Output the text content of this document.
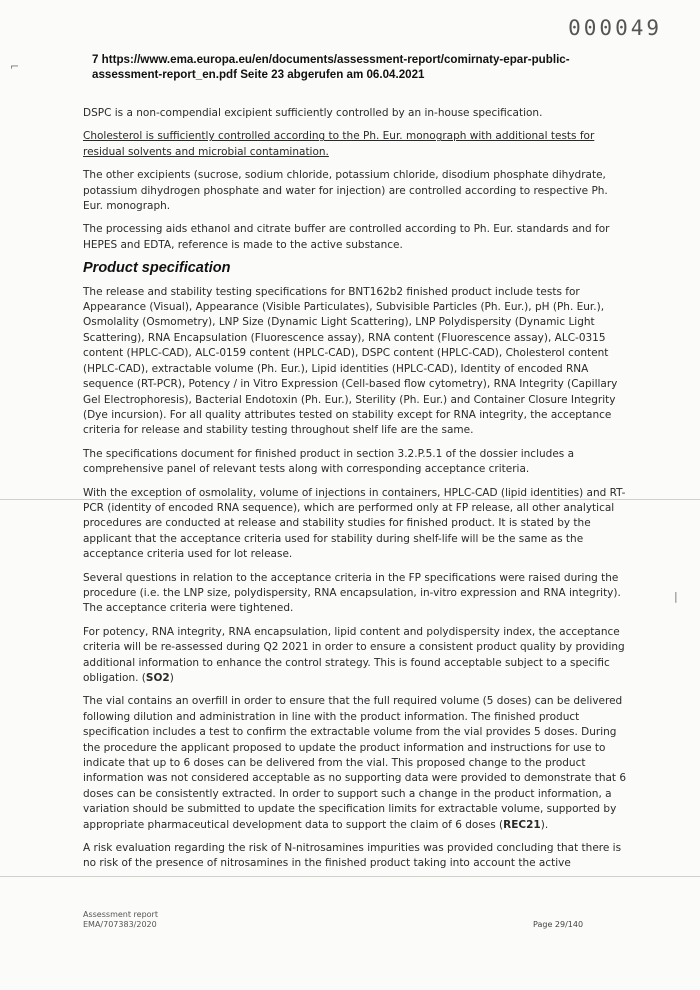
000049
⌐
|
7 https://www.ema.europa.eu/en/documents/assessment-report/comirnaty-epar-public-assessment-report_en.pdf Seite 23 abgerufen am 06.04.2021

DSPC is a non-compendial excipient sufficiently controlled by an in-house specification.

Cholesterol is sufficiently controlled according to the Ph. Eur. monograph with additional tests for residual solvents and microbial contamination.

The other excipients (sucrose, sodium chloride, potassium chloride, disodium phosphate dihydrate, potassium dihydrogen phosphate and water for injection) are controlled according to respective Ph. Eur. monograph.

The processing aids ethanol and citrate buffer are controlled according to Ph. Eur. standards and for HEPES and EDTA, reference is made to the active substance.

Product specification

The release and stability testing specifications for BNT162b2 finished product include tests for Appearance (Visual), Appearance (Visible Particulates), Subvisible Particles (Ph. Eur.), pH (Ph. Eur.), Osmolality (Osmometry), LNP Size (Dynamic Light Scattering), LNP Polydispersity (Dynamic Light Scattering), RNA Encapsulation (Fluorescence assay), RNA content (Fluorescence assay), ALC-0315 content (HPLC-CAD), ALC-0159 content (HPLC-CAD), DSPC content (HPLC-CAD), Cholesterol content (HPLC-CAD), extractable volume (Ph. Eur.), Lipid identities (HPLC-CAD), Identity of encoded RNA sequence (RT-PCR), Potency / in Vitro Expression (Cell-based flow cytometry), RNA Integrity (Capillary Gel Electrophoresis), Bacterial Endotoxin (Ph. Eur.), Sterility (Ph. Eur.) and Container Closure Integrity (Dye incursion). For all quality attributes tested on stability except for RNA integrity, the acceptance criteria for release and stability testing throughout shelf life are the same.

The specifications document for finished product in section 3.2.P.5.1 of the dossier includes a comprehensive panel of relevant tests along with corresponding acceptance criteria.

With the exception of osmolality, volume of injections in containers, HPLC-CAD (lipid identities) and RT-PCR (identity of encoded RNA sequence), which are performed only at FP release, all other analytical procedures are conducted at release and stability studies for finished product. It is stated by the applicant that the acceptance criteria used for stability during shelf-life will be the same as the acceptance criteria used for lot release.

Several questions in relation to the acceptance criteria in the FP specifications were raised during the procedure (i.e. the LNP size, polydispersity, RNA encapsulation, in-vitro expression and RNA integrity). The acceptance criteria were tightened.

For potency, RNA integrity, RNA encapsulation, lipid content and polydispersity index, the acceptance criteria will be re-assessed during Q2 2021 in order to ensure a consistent product quality by providing additional information to enhance the control strategy. This is found acceptable subject to a specific obligation. (SO2)

The vial contains an overfill in order to ensure that the full required volume (5 doses) can be delivered following dilution and administration in line with the product information. The finished product specification includes a test to confirm the extractable volume from the vial provides 5 doses. During the procedure the applicant proposed to update the product information and instructions for use to indicate that up to 6 doses can be delivered from the vial. This proposed change to the product information was not considered acceptable as no supporting data were provided to demonstrate that 6 doses can be consistently extracted. In order to support such a change in the product information, a variation should be submitted to update the specification limits for extractable volume, supported by appropriate pharmaceutical development data to support the claim of 6 doses (REC21).

A risk evaluation regarding the risk of N-nitrosamines impurities was provided concluding that there is no risk of the presence of nitrosamines in the finished product taking into account the active

Assessment report
EMA/707383/2020	Page 29/140
